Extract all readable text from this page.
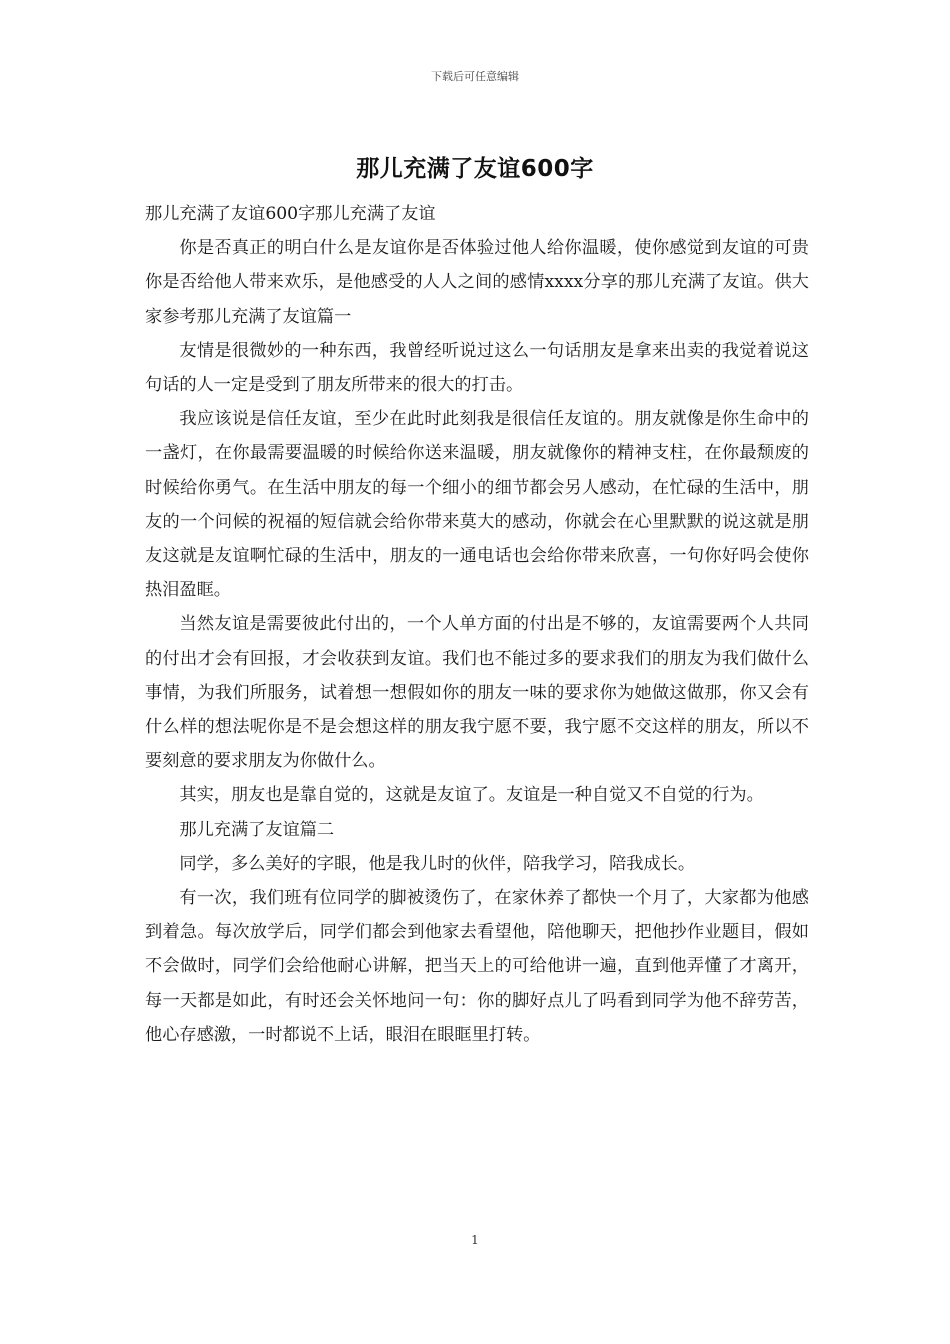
下载后可任意编辑
那儿充满了友谊600字

那儿充满了友谊600字那儿充满了友谊

你是否真正的明白什么是友谊你是否体验过他人给你温暖，使你感觉到友谊的可贵你是否给他人带来欢乐，是他感受的人人之间的感情xxxx分享的那儿充满了友谊。供大家参考那儿充满了友谊篇一

友情是很微妙的一种东西，我曾经听说过这么一句话朋友是拿来出卖的我觉着说这句话的人一定是受到了朋友所带来的很大的打击。

我应该说是信任友谊，至少在此时此刻我是很信任友谊的。朋友就像是你生命中的一盏灯，在你最需要温暖的时候给你送来温暖，朋友就像你的精神支柱，在你最颓废的时候给你勇气。在生活中朋友的每一个细小的细节都会另人感动，在忙碌的生活中，朋友的一个问候的祝福的短信就会给你带来莫大的感动，你就会在心里默默的说这就是朋友这就是友谊啊忙碌的生活中，朋友的一通电话也会给你带来欣喜，一句你好吗会使你热泪盈眶。

当然友谊是需要彼此付出的，一个人单方面的付出是不够的，友谊需要两个人共同的付出才会有回报，才会收获到友谊。我们也不能过多的要求我们的朋友为我们做什么事情，为我们所服务，试着想一想假如你的朋友一味的要求你为她做这做那，你又会有什么样的想法呢你是不是会想这样的朋友我宁愿不要，我宁愿不交这样的朋友，所以不要刻意的要求朋友为你做什么。

其实，朋友也是靠自觉的，这就是友谊了。友谊是一种自觉又不自觉的行为。

那儿充满了友谊篇二

同学，多么美好的字眼，他是我儿时的伙伴，陪我学习，陪我成长。

有一次，我们班有位同学的脚被烫伤了，在家休养了都快一个月了，大家都为他感到着急。每次放学后，同学们都会到他家去看望他，陪他聊天，把他抄作业题目，假如不会做时，同学们会给他耐心讲解，把当天上的可给他讲一遍，直到他弄懂了才离开，每一天都是如此，有时还会关怀地问一句：你的脚好点儿了吗看到同学为他不辞劳苦，他心存感激，一时都说不上话，眼泪在眼眶里打转。

1
